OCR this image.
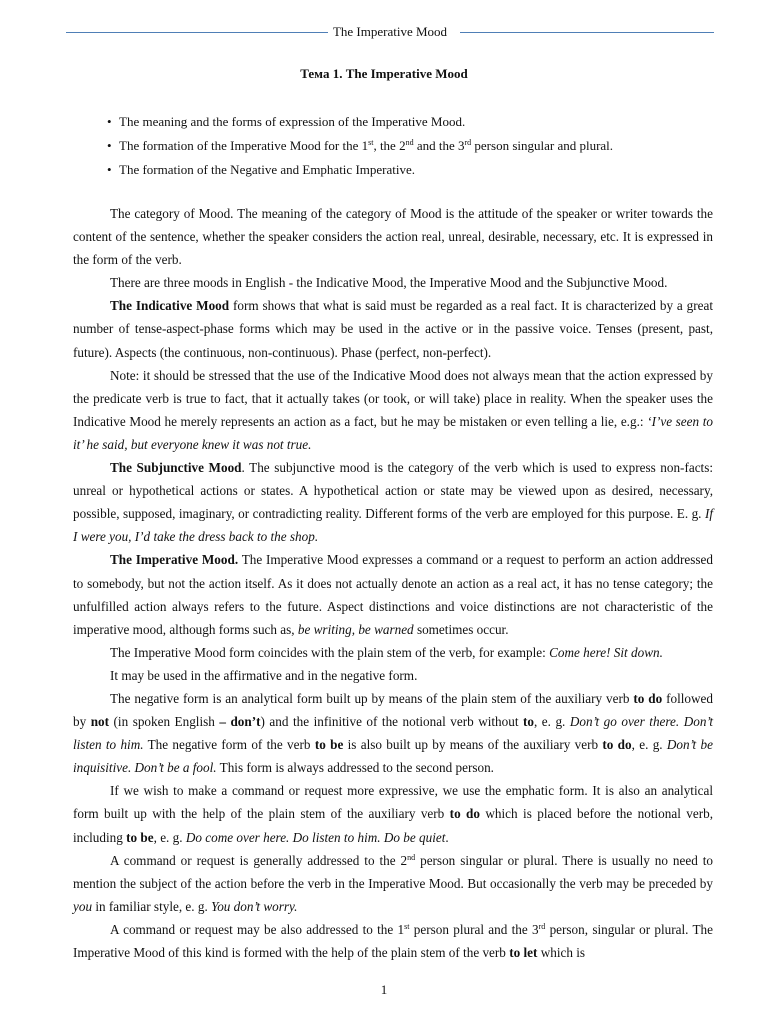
The Imperative Mood
Тема 1. The Imperative Mood
• The meaning and the forms of expression of the Imperative Mood.
• The formation of the Imperative Mood for the 1st, the 2nd and the 3rd person singular and plural.
• The formation of the Negative and Emphatic Imperative.

The category of Mood. The meaning of the category of Mood is the attitude of the speaker or writer towards the content of the sentence, whether the speaker considers the action real, unreal, desirable, necessary, etc. It is expressed in the form of the verb.

There are three moods in English - the Indicative Mood, the Imperative Mood and the Subjunctive Mood.

The Indicative Mood form shows that what is said must be regarded as a real fact. It is characterized by a great number of tense-aspect-phase forms which may be used in the active or in the passive voice. Tenses (present, past, future). Aspects (the continuous, non-continuous). Phase (perfect, non-perfect).

Note: it should be stressed that the use of the Indicative Mood does not always mean that the action expressed by the predicate verb is true to fact, that it actually takes (or took, or will take) place in reality. When the speaker uses the Indicative Mood he merely represents an action as a fact, but he may be mistaken or even telling a lie, e.g.: ‘I’ve seen to it’ he said, but everyone knew it was not true.

The Subjunctive Mood. The subjunctive mood is the category of the verb which is used to express non-facts: unreal or hypothetical actions or states. A hypothetical action or state may be viewed upon as desired, necessary, possible, supposed, imaginary, or contradicting reality. Different forms of the verb are employed for this purpose. E. g. If I were you, I’d take the dress back to the shop.

The Imperative Mood. The Imperative Mood expresses a command or a request to perform an action addressed to somebody, but not the action itself. As it does not actually denote an action as a real act, it has no tense category; the unfulfilled action always refers to the future. Aspect distinctions and voice distinctions are not characteristic of the imperative mood, although forms such as, be writing, be warned sometimes occur.

The Imperative Mood form coincides with the plain stem of the verb, for example: Come here! Sit down.

It may be used in the affirmative and in the negative form.

The negative form is an analytical form built up by means of the plain stem of the auxiliary verb to do followed by not (in spoken English – don’t) and the infinitive of the notional verb without to, e. g. Don’t go over there. Don’t listen to him. The negative form of the verb to be is also built up by means of the auxiliary verb to do, e. g. Don’t be inquisitive. Don’t be a fool. This form is always addressed to the second person.

If we wish to make a command or request more expressive, we use the emphatic form. It is also an analytical form built up with the help of the plain stem of the auxiliary verb to do which is placed before the notional verb, including to be, e. g. Do come over here. Do listen to him. Do be quiet.

A command or request is generally addressed to the 2nd person singular or plural. There is usually no need to mention the subject of the action before the verb in the Imperative Mood. But occasionally the verb may be preceded by you in familiar style, e. g. You don’t worry.

A command or request may be also addressed to the 1st person plural and the 3rd person, singular or plural. The Imperative Mood of this kind is formed with the help of the plain stem of the verb to let which is

1
